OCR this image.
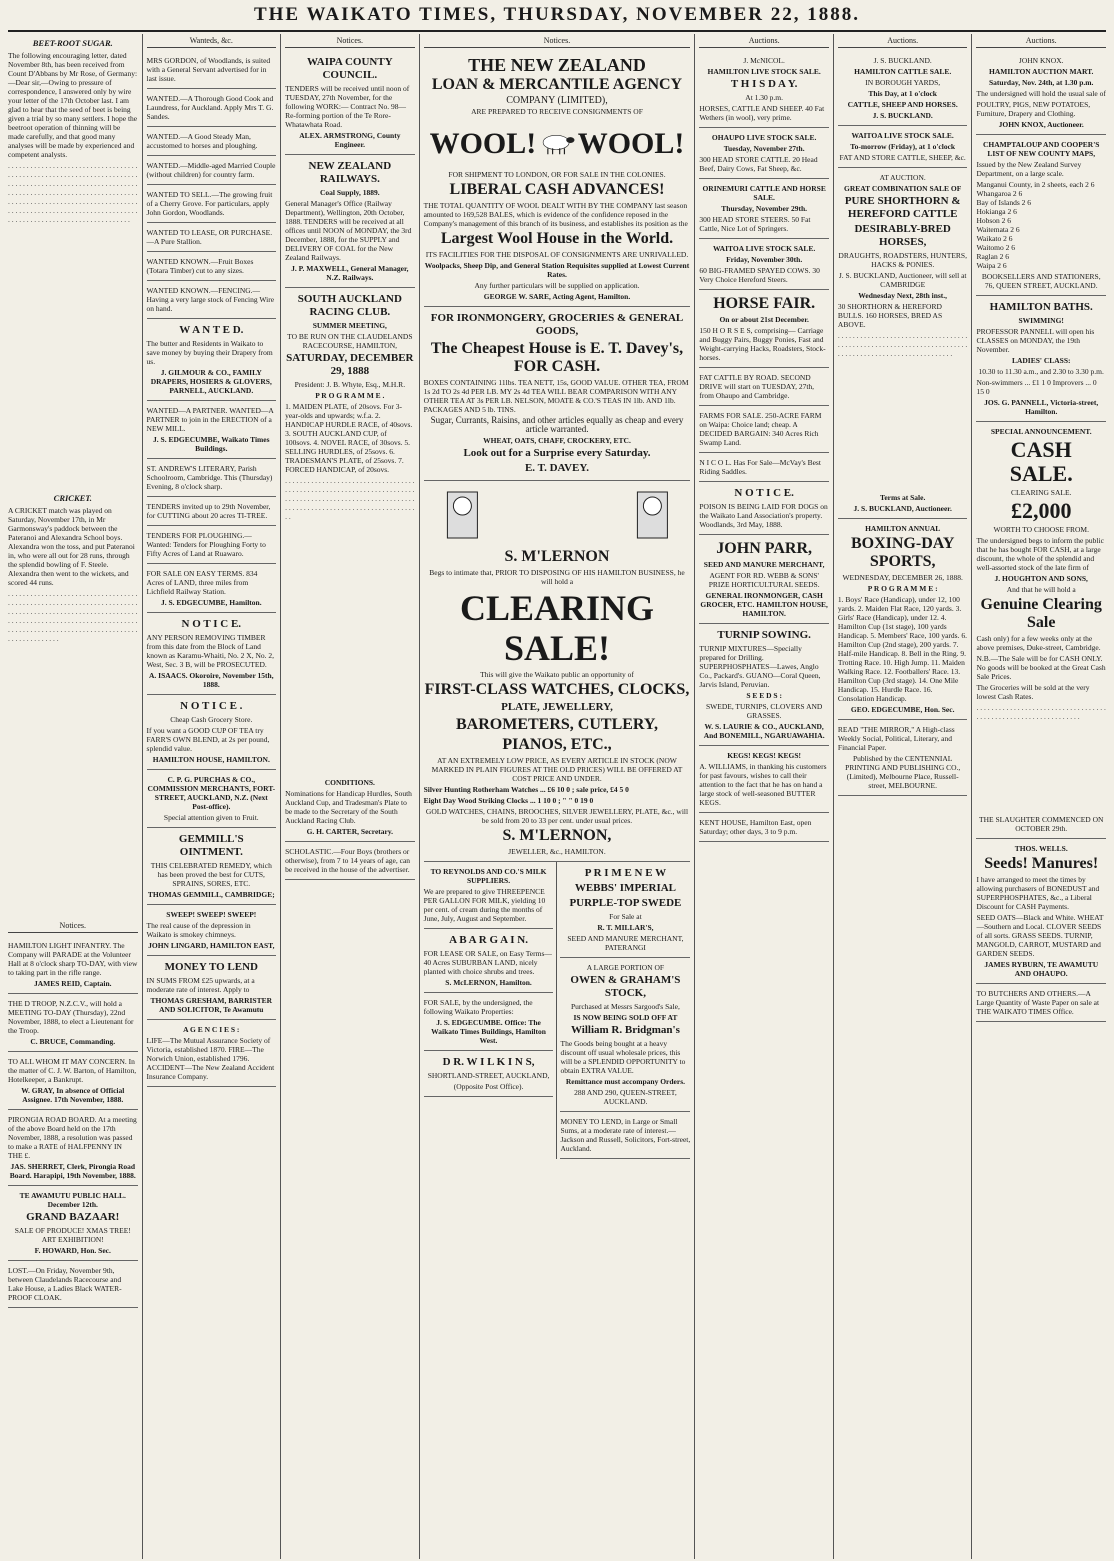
THE WAIKATO TIMES, THURSDAY, NOVEMBER 22, 1888.
BEET-ROOT SUGAR.

The following encouraging letter, dated November 8th, has been received from Count D'Abbans by Mr Rose, of Germany:—Dear sir,—Owing to pressure of correspondence, I answered only by wire your letter of the 17th October last. I am glad to hear that the seed of beet is being given a trial by so many settlers. I hope the beetroot operation of thinning will be made carefully, and that good many analyses will be made by experienced and competent analysts.

. . . . . . . . . . . . . . . . . . . . . . . . . . . . . . . . . . . . . . . . . . . . . . . . . . . . . . . . . . . . . . . . . . . . . . . . . . . . . . . . . . . . . . . . . . . . . . . . . . . . . . . . . . . . . . . . . . . . . . . . . . . . . . . . . . . . . . . . . . . . . . . . . . . . . . . . . . . . . . . . . . . . . . . . . . . . . . . . . . . . . . . . . . . . . . . . . . . . . . . . . . . . . . . . . . . . . . . . . . . . . . . . . . . . . . . . . . . . . . . . . . .

CRICKET.

A CRICKET match was played on Saturday, November 17th, in Mr Garmonsway's paddock between the Pateranoi and Alexandra School boys. Alexandra won the toss, and put Pateranoi in, who were all out for 28 runs, through the splendid bowling of F. Steele. Alexandra then went to the wickets, and scored 44 runs.

. . . . . . . . . . . . . . . . . . . . . . . . . . . . . . . . . . . . . . . . . . . . . . . . . . . . . . . . . . . . . . . . . . . . . . . . . . . . . . . . . . . . . . . . . . . . . . . . . . . . . . . . . . . . . . . . . . . . . . . . . . . . . . . . . . . . . . . . . . . . . . . . . . . . . . . . . . . . . . . . . . . . . . . . . . . . . . . . . . . . . . . . . . . . .

Notices.

HAMILTON LIGHT INFANTRY. The Company will PARADE at the Volunteer Hall at 8 o'clock sharp TO-DAY, with view to taking part in the rifle range.

JAMES REID, Captain.

THE D TROOP, N.Z.C.V., will hold a MEETING TO-DAY (Thursday), 22nd November, 1888, to elect a Lieutenant for the Troop.

C. BRUCE, Commanding.

TO ALL WHOM IT MAY CONCERN. In the matter of C. J. W. Barton, of Hamilton, Hotelkeeper, a Bankrupt.

W. GRAY, In absence of Official Assignee. 17th November, 1888.

PIRONGIA ROAD BOARD. At a meeting of the above Board held on the 17th November, 1888, a resolution was passed to make a RATE of HALFPENNY IN THE £.

JAS. SHERRET, Clerk, Pirongia Road Board. Harapipi, 19th November, 1888.

TE AWAMUTU PUBLIC HALL. December 12th.

GRAND BAZAAR!

SALE OF PRODUCE! XMAS TREE! ART EXHIBITION!

F. HOWARD, Hon. Sec.

LOST.—On Friday, November 9th, between Claudelands Racecourse and Lake House, a Ladies Black WATER-PROOF CLOAK.

Wanteds, &c.

MRS GORDON, of Woodlands, is suited with a General Servant advertised for in last issue.

WANTED.—A Thorough Good Cook and Laundress, for Auckland. Apply Mrs T. G. Sandes.

WANTED.—A Good Steady Man, accustomed to horses and ploughing.

WANTED.—Middle-aged Married Couple (without children) for country farm.

WANTED TO SELL.—The growing fruit of a Cherry Grove. For particulars, apply John Gordon, Woodlands.

WANTED TO LEASE, OR PURCHASE.—A Pure Stallion.

WANTED KNOWN.—Fruit Boxes (Totara Timber) cut to any sizes.

WANTED KNOWN.—FENCING.—Having a very large stock of Fencing Wire on hand.

W A N T E D.

The butter and Residents in Waikato to save money by buying their Drapery from us.

J. GILMOUR & CO., FAMILY DRAPERS, HOSIERS & GLOVERS, PARNELL, AUCKLAND.

WANTED—A PARTNER. WANTED—A PARTNER to join in the ERECTION of a NEW MILL.

J. S. EDGECUMBE, Waikato Times Buildings.

ST. ANDREW'S LITERARY, Parish Schoolroom, Cambridge. This (Thursday) Evening, 8 o'clock sharp.

TENDERS invited up to 29th November, for CUTTING about 20 acres TI-TREE.

TENDERS FOR PLOUGHING.—Wanted: Tenders for Ploughing Forty to Fifty Acres of Land at Ruawaro.

FOR SALE ON EASY TERMS. 834 Acres of LAND, three miles from Lichfield Railway Station.

J. S. EDGECUMBE, Hamilton.

N O T I C E.

ANY PERSON REMOVING TIMBER from this date from the Block of Land known as Karamu-Whaiti, No. 2 X, No. 2, West, Sec. 3 B, will be PROSECUTED.

A. ISAACS. Okoroire, November 15th, 1888.

N O T I C E .

Cheap Cash Grocery Store.

If you want a GOOD CUP OF TEA try FARR'S OWN BLEND, at 2s per pound, splendid value.

HAMILTON HOUSE, HAMILTON.

C. P. G. PURCHAS & CO., COMMISSION MERCHANTS, FORT-STREET, AUCKLAND, N.Z. (Next Post-office).

Special attention given to Fruit.

GEMMILL'S OINTMENT.

THIS CELEBRATED REMEDY, which has been proved the best for CUTS, SPRAINS, SORES, ETC.

THOMAS GEMMILL, CAMBRIDGE;

SWEEP! SWEEP! SWEEP!

The real cause of the depression in Waikato is smokey chimneys.

JOHN LINGARD, HAMILTON EAST,

MONEY TO LEND

IN SUMS FROM £25 upwards, at a moderate rate of interest. Apply to

THOMAS GRESHAM, BARRISTER AND SOLICITOR, Te Awamutu

A G E N C I E S :

LIFE—The Mutual Assurance Society of Victoria, established 1870. FIRE—The Norwich Union, established 1796. ACCIDENT—The New Zealand Accident Insurance Company.

Notices.

WAIPA COUNTY COUNCIL.

TENDERS will be received until noon of TUESDAY, 27th November, for the following WORK:— Contract No. 98—Re-forming portion of the Te Rore-Whatawhata Road.

ALEX. ARMSTRONG, County Engineer.

NEW ZEALAND RAILWAYS.

Coal Supply, 1889.

General Manager's Office (Railway Department), Wellington, 20th October, 1888. TENDERS will be received at all offices until NOON of MONDAY, the 3rd December, 1888, for the SUPPLY and DELIVERY OF COAL for the New Zealand Railways.

J. P. MAXWELL, General Manager, N.Z. Railways.

SOUTH AUCKLAND RACING CLUB.

SUMMER MEETING,

TO BE RUN ON THE CLAUDELANDS RACECOURSE, HAMILTON,

SATURDAY, DECEMBER 29, 1888

President: J. B. Whyte, Esq., M.H.R.

P R O G R A M M E .

1. MAIDEN PLATE, of 20sovs. For 3-year-olds and upwards; w.f.a. 2. HANDICAP HURDLE RACE, of 40sovs. 3. SOUTH AUCKLAND CUP, of 100sovs. 4. NOVEL RACE, of 30sovs. 5. SELLING HURDLES, of 25sovs. 6. TRADESMAN'S PLATE, of 25sovs. 7. FORCED HANDICAP, of 20sovs.

. . . . . . . . . . . . . . . . . . . . . . . . . . . . . . . . . . . . . . . . . . . . . . . . . . . . . . . . . . . . . . . . . . . . . . . . . . . . . . . . . . . . . . . . . . . . . . . . . . . . . . . . . . . . . . . . . . . . . . . . . . . . . . . . . . . . . . . . . . . . . .

CONDITIONS.

Nominations for Handicap Hurdles, South Auckland Cup, and Tradesman's Plate to be made to the Secretary of the South Auckland Racing Club.

G. H. CARTER, Secretary.

SCHOLASTIC.—Four Boys (brothers or otherwise), from 7 to 14 years of age, can be received in the house of the advertiser.

Notices.

THE NEW ZEALAND

LOAN & MERCANTILE AGENCY

COMPANY (LIMITED),

ARE PREPARED TO RECEIVE CONSIGNMENTS OF

WOOL! WOOL!

FOR SHIPMENT TO LONDON, OR FOR SALE IN THE COLONIES.

LIBERAL CASH ADVANCES!

THE TOTAL QUANTITY OF WOOL DEALT WITH BY THE COMPANY last season amounted to 169,528 BALES, which is evidence of the confidence reposed in the Company's management of this branch of its business, and establishes its position as the

Largest Wool House in the World.

ITS FACILITIES FOR THE DISPOSAL OF CONSIGNMENTS ARE UNRIVALLED.

Woolpacks, Sheep Dip, and General Station Requisites supplied at Lowest Current Rates.

Any further particulars will be supplied on application.

GEORGE W. SARE, Acting Agent, Hamilton.

FOR IRONMONGERY, GROCERIES & GENERAL GOODS,

The Cheapest House is E. T. Davey's, FOR CASH.

BOXES CONTAINING 11lbs. TEA NETT, 15s, GOOD VALUE. OTHER TEA, FROM 1s 2d TO 2s 4d PER LB. MY 2s 4d TEA WILL BEAR COMPARISON WITH ANY OTHER TEA AT 3s PER LB. NELSON, MOATE & CO.'S TEAS IN 1lb. AND 1lb. PACKAGES AND 5 lb. TINS.

Sugar, Currants, Raisins, and other articles equally as cheap and every article warranted.

WHEAT, OATS, CHAFF, CROCKERY, ETC.

Look out for a Surprise every Saturday.

E. T. DAVEY.

S. M'LERNON

Begs to intimate that, PRIOR TO DISPOSING OF HIS HAMILTON BUSINESS, he will hold a

CLEARING SALE!

This will give the Waikato public an opportunity of

FIRST-CLASS WATCHES, CLOCKS,

PLATE, JEWELLERY,

BAROMETERS, CUTLERY,

PIANOS, ETC.,

AT AN EXTREMELY LOW PRICE, AS EVERY ARTICLE IN STOCK (NOW MARKED IN PLAIN FIGURES AT THE OLD PRICES) WILL BE OFFERED AT COST PRICE AND UNDER.

Silver Hunting Rotherham Watches ... £6 10 0 ; sale price, £4 5 0

Eight Day Wood Striking Clocks ... 1 10 0 ; " " 0 19 0

GOLD WATCHES, CHAINS, BROOCHES, SILVER JEWELLERY, PLATE, &c., will be sold from 20 to 33 per cent. under usual prices.

S. M'LERNON,

JEWELLER, &c., HAMILTON.

TO REYNOLDS AND CO.'S MILK SUPPLIERS.

We are prepared to give THREEPENCE PER GALLON FOR MILK, yielding 10 per cent. of cream during the months of June, July, August and September.

A B A R G A I N.

FOR LEASE OR SALE, on Easy Terms—40 Acres SUBURBAN LAND, nicely planted with choice shrubs and trees.

S. McLERNON, Hamilton.

FOR SALE, by the undersigned, the following Waikato Properties:

J. S. EDGECUMBE. Office: The Waikato Times Buildings, Hamilton West.

D R. W I L K I N S,

SHORTLAND-STREET, AUCKLAND,

(Opposite Post Office).

P R I M E N E W

WEBBS' IMPERIAL

PURPLE-TOP SWEDE

For Sale at

R. T. MILLAR'S,

SEED AND MANURE MERCHANT, PATERANGI

A LARGE PORTION OF

OWEN & GRAHAM'S STOCK,

Purchased at Messrs Sargood's Sale,

IS NOW BEING SOLD OFF AT

William R. Bridgman's

The Goods being bought at a heavy discount off usual wholesale prices, this will be a SPLENDID OPPORTUNITY to obtain EXTRA VALUE.

Remittance must accompany Orders.

288 AND 290, QUEEN-STREET, AUCKLAND.

MONEY TO LEND, in Large or Small Sums, at a moderate rate of interest.—Jackson and Russell, Solicitors, Fort-street, Auckland.

Auctions.

J. McNICOL.

HAMILTON LIVE STOCK SALE.

T H I S D A Y.

At 1.30 p.m.

HORSES, CATTLE AND SHEEP. 40 Fat Wethers (in wool), very prime.

OHAUPO LIVE STOCK SALE.

Tuesday, November 27th.

300 HEAD STORE CATTLE. 20 Head Beef, Dairy Cows, Fat Sheep, &c.

ORINEMURI CATTLE AND HORSE SALE.

Thursday, November 29th.

300 HEAD STORE STEERS. 50 Fat Cattle, Nice Lot of Springers.

WAITOA LIVE STOCK SALE.

Friday, November 30th.

60 BIG-FRAMED SPAYED COWS. 30 Very Choice Hereford Steers.

HORSE FAIR.

On or about 21st December.

150 H O R S E S, comprising— Carriage and Buggy Pairs, Buggy Ponies, Fast and Weight-carrying Hacks, Roadsters, Stock-horses.

FAT CATTLE BY ROAD. SECOND DRIVE will start on TUESDAY, 27th, from Ohaupo and Cambridge.

FARMS FOR SALE. 250-ACRE FARM on Waipa: Choice land; cheap. A DECIDED BARGAIN: 340 Acres Rich Swamp Land.

N I C O L. Has For Sale—McVay's Best Riding Saddles.

N O T I C E.

POISON IS BEING LAID FOR DOGS on the Waikato Land Association's property. Woodlands, 3rd May, 1888.

JOHN PARR,

SEED AND MANURE MERCHANT,

AGENT FOR RD. WEBB & SONS' PRIZE HORTICULTURAL SEEDS.

GENERAL IRONMONGER, CASH GROCER, ETC. HAMILTON HOUSE, HAMILTON.

TURNIP SOWING.

TURNIP MIXTURES—Specially prepared for Drilling. SUPERPHOSPHATES—Lawes, Anglo Co., Packard's. GUANO—Coral Queen, Jarvis Island, Peruvian.

S E E D S :

SWEDE, TURNIPS, CLOVERS AND GRASSES.

W. S. LAURIE & CO., AUCKLAND, And BONEMILL, NGARUAWAHIA.

KEGS! KEGS! KEGS!

A. WILLIAMS, in thanking his customers for past favours, wishes to call their attention to the fact that he has on hand a large stock of well-seasoned BUTTER KEGS.

KENT HOUSE, Hamilton East, open Saturday; other days, 3 to 9 p.m.

Auctions.

J. S. BUCKLAND.

HAMILTON CATTLE SALE.

IN BOROUGH YARDS,

This Day, at 1 o'clock

CATTLE, SHEEP AND HORSES.

J. S. BUCKLAND.

WAITOA LIVE STOCK SALE.

To-morrow (Friday), at 1 o'clock

FAT AND STORE CATTLE, SHEEP, &c.

AT AUCTION.

GREAT COMBINATION SALE OF

PURE SHORTHORN & HEREFORD CATTLE

DESIRABLY-BRED HORSES,

DRAUGHTS, ROADSTERS, HUNTERS, HACKS & PONIES.

J. S. BUCKLAND, Auctioneer, will sell at CAMBRIDGE

Wednesday Next, 28th inst.,

30 SHORTHORN & HEREFORD BULLS. 160 HORSES, BRED AS ABOVE.

. . . . . . . . . . . . . . . . . . . . . . . . . . . . . . . . . . . . . . . . . . . . . . . . . . . . . . . . . . . . . . . . . . . . . . . . . . . . . . . . . . . . . . . . . . . . . . . . . . . . .

Terms at Sale.

J. S. BUCKLAND, Auctioneer.

HAMILTON ANNUAL

BOXING-DAY SPORTS,

WEDNESDAY, DECEMBER 26, 1888.

P R O G R A M M E :

1. Boys' Race (Handicap), under 12, 100 yards. 2. Maiden Flat Race, 120 yards. 3. Girls' Race (Handicap), under 12. 4. Hamilton Cup (1st stage), 100 yards Handicap. 5. Members' Race, 100 yards. 6. Hamilton Cup (2nd stage), 200 yards. 7. Half-mile Handicap. 8. Bell in the Ring. 9. Trotting Race. 10. High Jump. 11. Maiden Walking Race. 12. Footballers' Race. 13. Hamilton Cup (3rd stage). 14. One Mile Handicap. 15. Hurdle Race. 16. Consolation Handicap.

GEO. EDGECUMBE, Hon. Sec.

READ "THE MIRROR," A High-class Weekly Social, Political, Literary, and Financial Paper.

Published by the CENTENNIAL PRINTING AND PUBLISHING CO., (Limited), Melbourne Place, Russell-street, MELBOURNE.

Auctions.

JOHN KNOX.

HAMILTON AUCTION MART.

Saturday, Nov. 24th, at 1.30 p.m.

The undersigned will hold the usual sale of

POULTRY, PIGS, NEW POTATOES, Furniture, Drapery and Clothing.

JOHN KNOX, Auctioneer.

CHAMPTALOUP AND COOPER'S LIST OF NEW COUNTY MAPS,

Issued by the New Zealand Survey Department, on a large scale.

Manganui County, in 2 sheets, each 2 6
Whangaroa 2 6
Bay of Islands 2 6
Hokianga 2 6
Hobson 2 6
Waitemata 2 6
Waikato 2 6
Waitomo 2 6
Raglan 2 6
Waipa 2 6

BOOKSELLERS AND STATIONERS, 76, QUEEN STREET, AUCKLAND.

HAMILTON BATHS.

SWIMMING!

PROFESSOR PANNELL will open his CLASSES on MONDAY, the 19th November.

LADIES' CLASS:

10.30 to 11.30 a.m., and 2.30 to 3.30 p.m.

Non-swimmers ... £1 1 0 Improvers ... 0 15 0

JOS. G. PANNELL, Victoria-street, Hamilton.

SPECIAL ANNOUNCEMENT.

CASH SALE.

CLEARING SALE.

£2,000

WORTH TO CHOOSE FROM.

The undersigned begs to inform the public that he has bought FOR CASH, at a large discount, the whole of the splendid and well-assorted stock of the late firm of

J. HOUGHTON AND SONS,

And that he will hold a

Genuine Clearing Sale

Cash only) for a few weeks only at the above premises, Duke-street, Cambridge.

N.B.—The Sale will be for CASH ONLY. No goods will be booked at the Great Cash Sale Prices.

The Groceries will be sold at the very lowest Cash Rates.

. . . . . . . . . . . . . . . . . . . . . . . . . . . . . . . . . . . . . . . . . . . . . . . . . . . . . . . . . . . . . . .

THE SLAUGHTER COMMENCED ON OCTOBER 29th.

THOS. WELLS.

Seeds! Manures!

I have arranged to meet the times by allowing purchasers of BONEDUST and SUPERPHOSPHATES, &c., a Liberal Discount for CASH Payments.

SEED OATS—Black and White. WHEAT—Southern and Local. CLOVER SEEDS of all sorts. GRASS SEEDS. TURNIP, MANGOLD, CARROT, MUSTARD and GARDEN SEEDS.

JAMES RYBURN, TE AWAMUTU AND OHAUPO.

TO BUTCHERS AND OTHERS.—A Large Quantity of Waste Paper on sale at THE WAIKATO TIMES Office.
